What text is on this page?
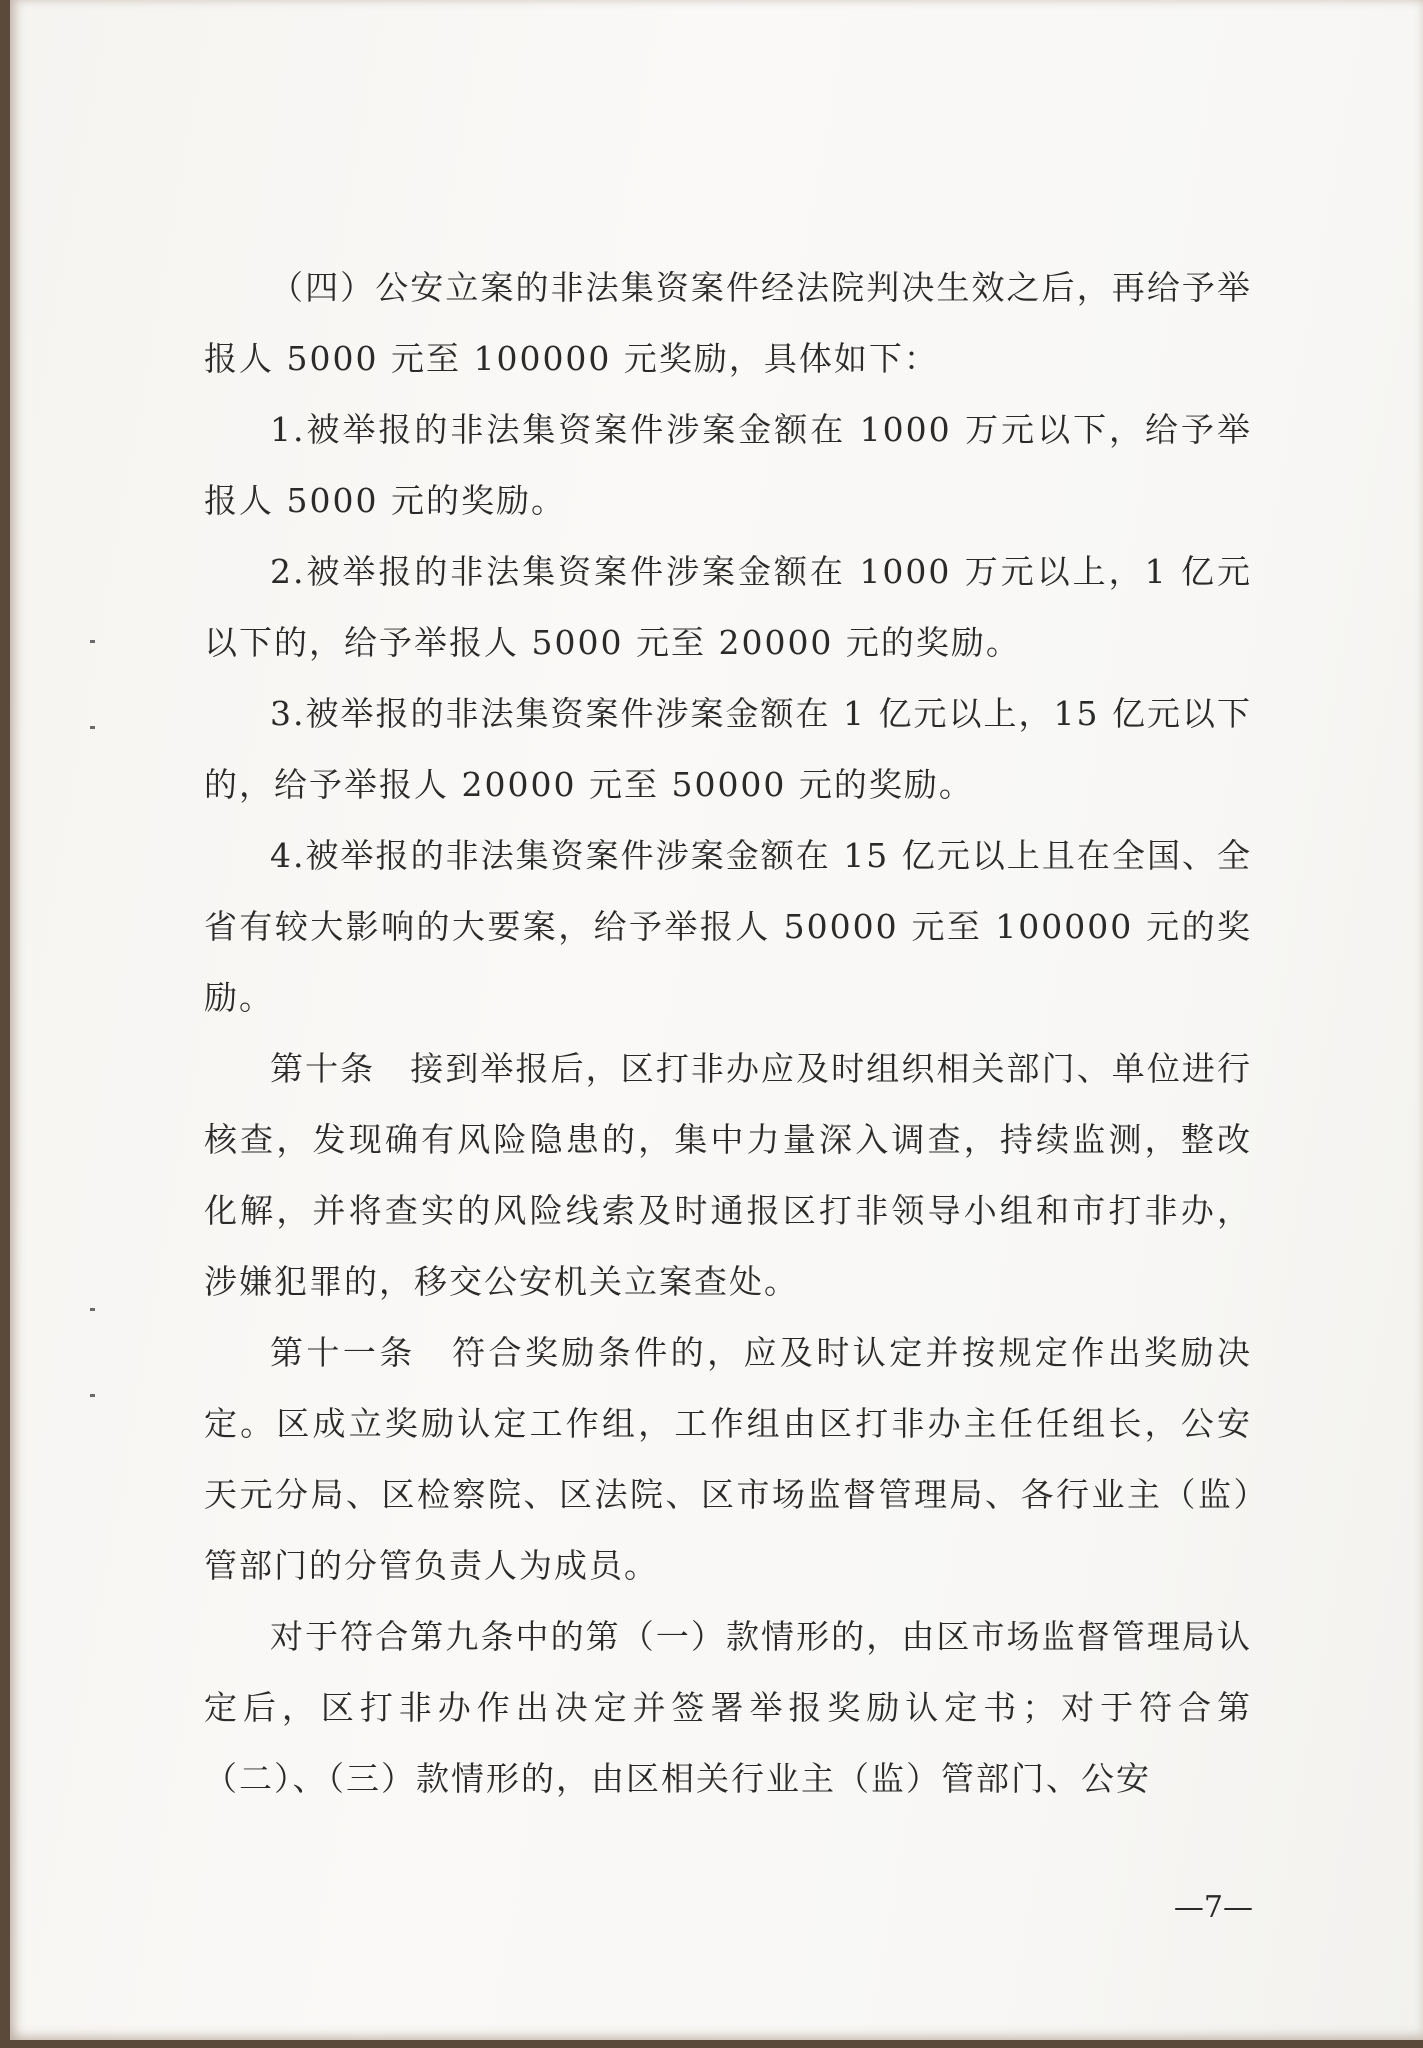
（四）公安立案的非法集资案件经法院判决生效之后，再给予举报人 5000 元至 100000 元奖励，具体如下：

1.被举报的非法集资案件涉案金额在 1000 万元以下，给予举报人 5000 元的奖励。

2.被举报的非法集资案件涉案金额在 1000 万元以上，1 亿元以下的，给予举报人 5000 元至 20000 元的奖励。

3.被举报的非法集资案件涉案金额在 1 亿元以上，15 亿元以下的，给予举报人 20000 元至 50000 元的奖励。

4.被举报的非法集资案件涉案金额在 15 亿元以上且在全国、全省有较大影响的大要案，给予举报人 50000 元至 100000 元的奖励。

第十条　接到举报后，区打非办应及时组织相关部门、单位进行核查，发现确有风险隐患的，集中力量深入调查，持续监测，整改化解，并将查实的风险线索及时通报区打非领导小组和市打非办，涉嫌犯罪的，移交公安机关立案查处。

第十一条　符合奖励条件的，应及时认定并按规定作出奖励决定。区成立奖励认定工作组，工作组由区打非办主任任组长，公安天元分局、区检察院、区法院、区市场监督管理局、各行业主（监）管部门的分管负责人为成员。

对于符合第九条中的第（一）款情形的，由区市场监督管理局认定后，区打非办作出决定并签署举报奖励认定书；对于符合第（二）、（三）款情形的，由区相关行业主（监）管部门、公安

—7—
